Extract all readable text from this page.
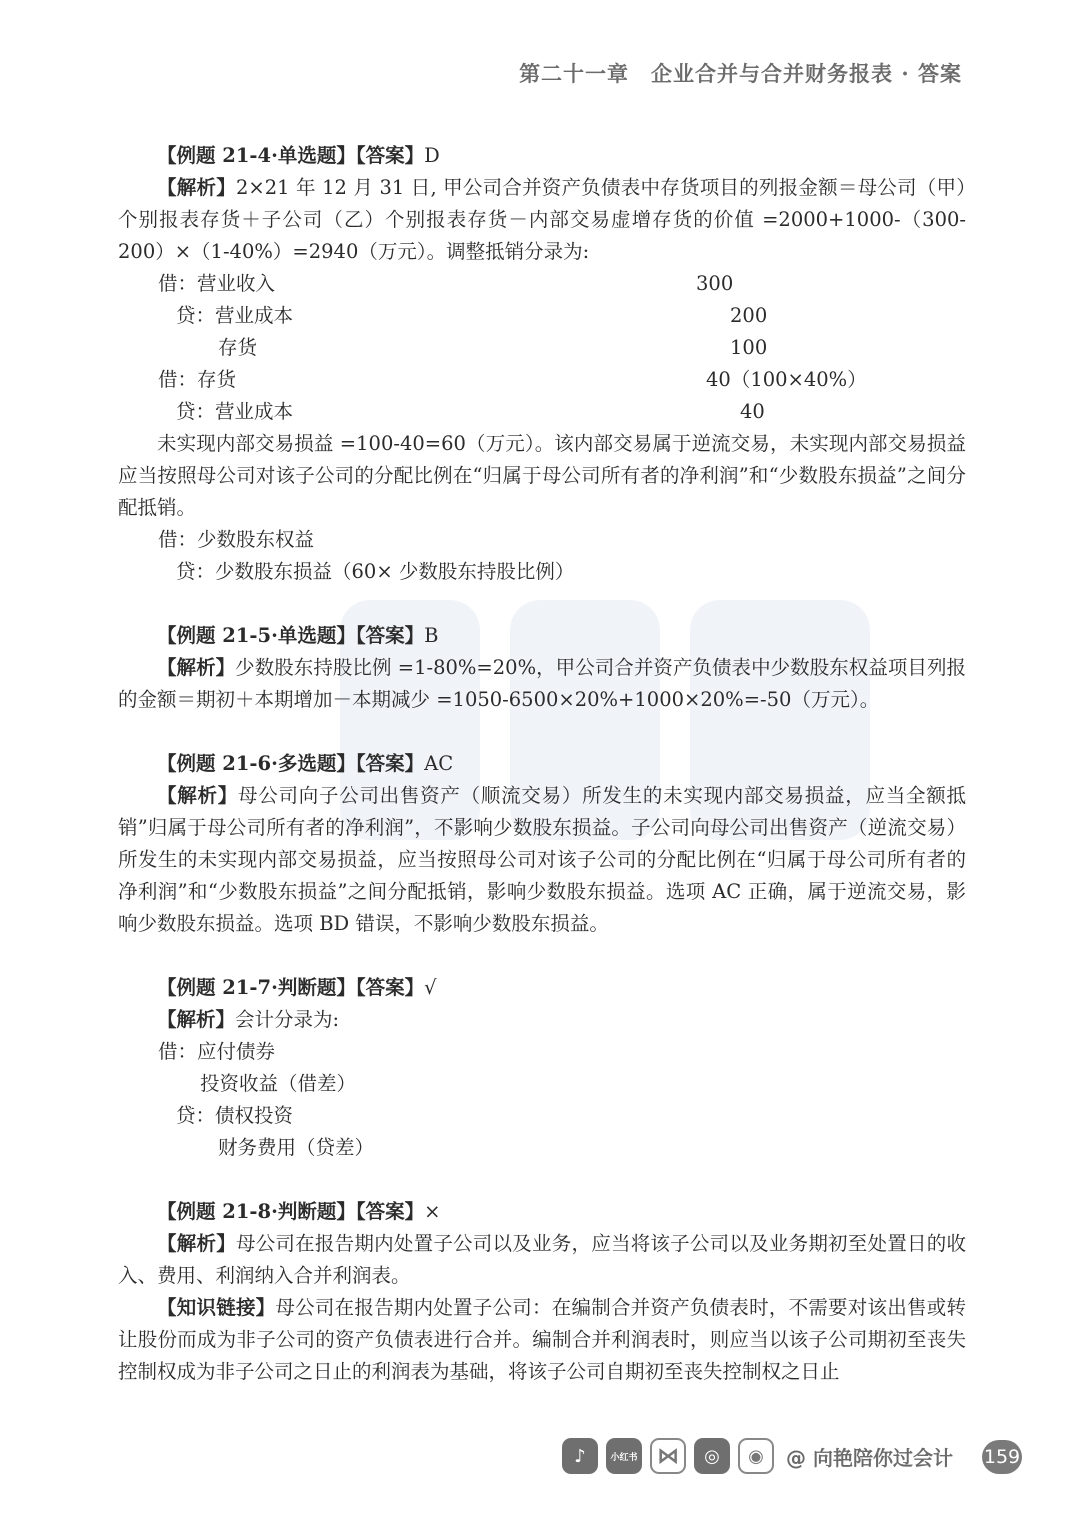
第二十一章　企业合并与合并财务报表 · 答案

【例题 21-4·单选题】【答案】D

【解析】2×21 年 12 月 31 日, 甲公司合并资产负债表中存货项目的列报金额＝母公司（甲）个别报表存货＋子公司（乙）个别报表存货－内部交易虚增存货的价值 =2000+1000-（300-200）×（1-40%）=2940（万元）。调整抵销分录为:

借：营业收入	300
贷：营业成本	200
存货	100
借：存货	40（100×40%）
贷：营业成本	40

未实现内部交易损益 =100-40=60（万元）。该内部交易属于逆流交易，未实现内部交易损益应当按照母公司对该子公司的分配比例在“归属于母公司所有者的净利润”和“少数股东损益”之间分配抵销。

借：少数股东权益
贷：少数股东损益（60× 少数股东持股比例）

【例题 21-5·单选题】【答案】B

【解析】少数股东持股比例 =1-80%=20%，甲公司合并资产负债表中少数股东权益项目列报的金额＝期初＋本期增加－本期减少 =1050-6500×20%+1000×20%=-50（万元）。

【例题 21-6·多选题】【答案】AC

【解析】母公司向子公司出售资产（顺流交易）所发生的未实现内部交易损益，应当全额抵销”归属于母公司所有者的净利润”，不影响少数股东损益。子公司向母公司出售资产（逆流交易）所发生的未实现内部交易损益，应当按照母公司对该子公司的分配比例在“归属于母公司所有者的净利润”和“少数股东损益”之间分配抵销，影响少数股东损益。选项 AC 正确，属于逆流交易，影响少数股东损益。选项 BD 错误，不影响少数股东损益。

【例题 21-7·判断题】【答案】√

【解析】会计分录为:

借：应付债券
投资收益（借差）
贷：债权投资
财务费用（贷差）

【例题 21-8·判断题】【答案】×

【解析】母公司在报告期内处置子公司以及业务，应当将该子公司以及业务期初至处置日的收入、费用、利润纳入合并利润表。

【知识链接】母公司在报告期内处置子公司：在编制合并资产负债表时，不需要对该出售或转让股份而成为非子公司的资产负债表进行合并。编制合并利润表时，则应当以该子公司期初至丧失控制权成为非子公司之日止的利润表为基础，将该子公司自期初至丧失控制权之日止

♪	小红书 ⋈	◎	◉	@ 向艳陪你过会计 159
